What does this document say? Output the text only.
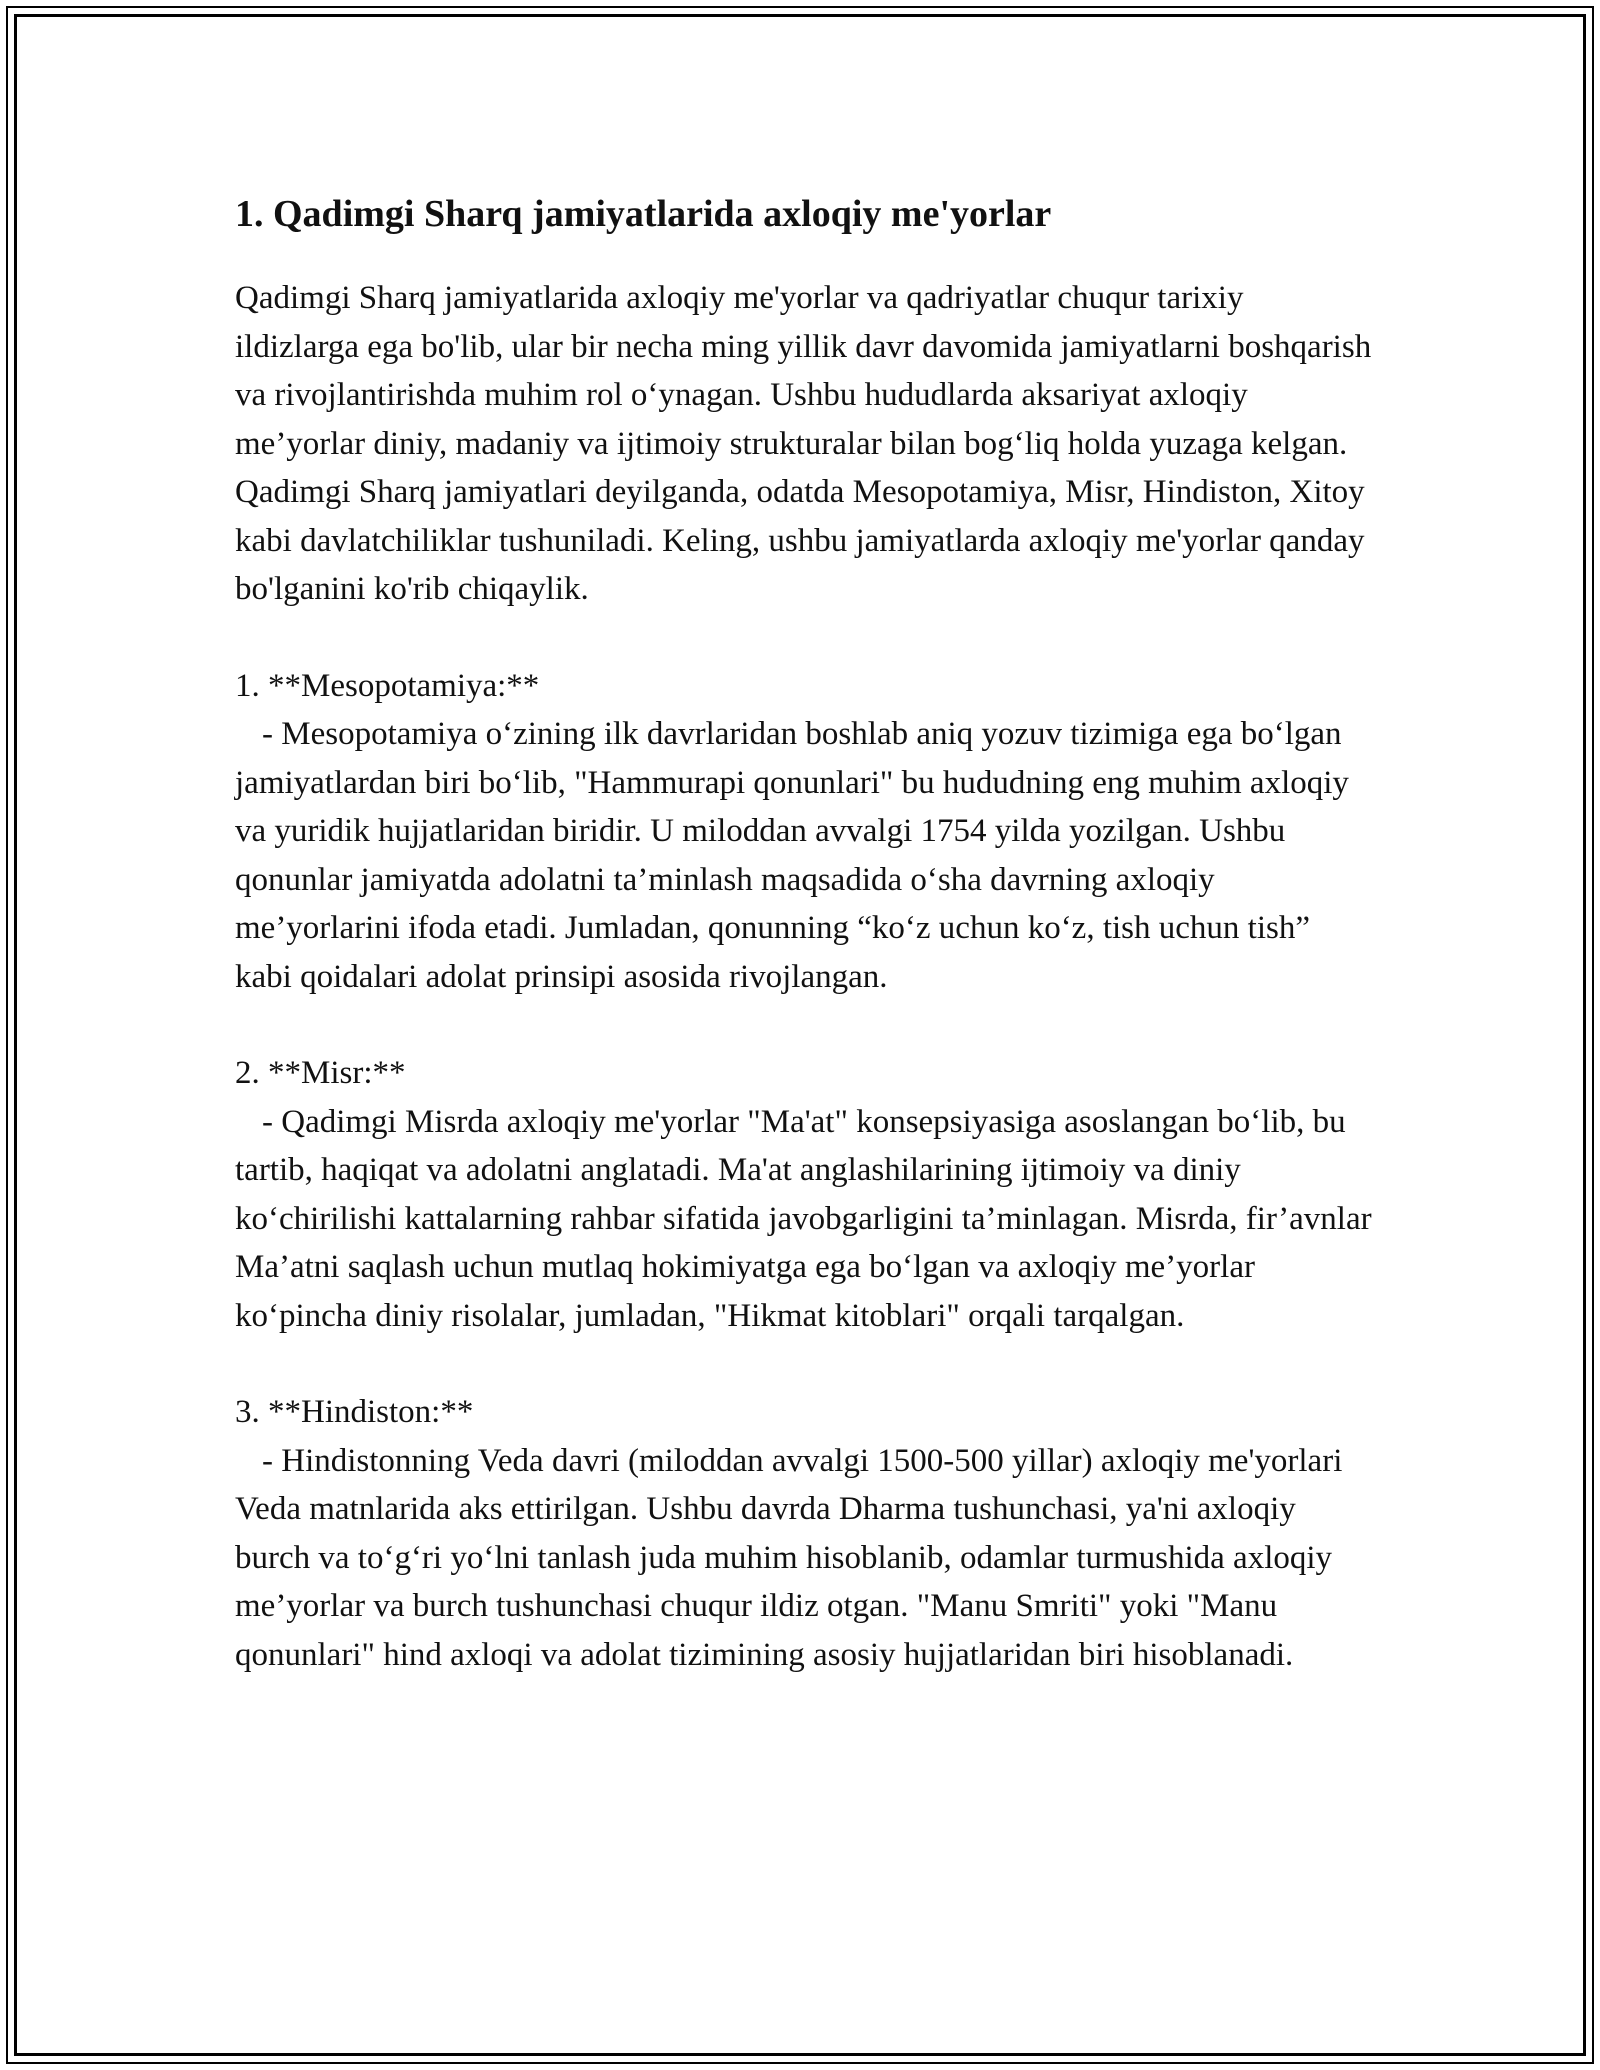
1. Qadimgi Sharq jamiyatlarida axloqiy me'yorlar

Qadimgi Sharq jamiyatlarida axloqiy me'yorlar va qadriyatlar chuqur tarixiy ildizlarga ega bo'lib, ular bir necha ming yillik davr davomida jamiyatlarni boshqarish va rivojlantirishda muhim rol o‘ynagan. Ushbu hududlarda aksariyat axloqiy me’yorlar diniy, madaniy va ijtimoiy strukturalar bilan bog‘liq holda yuzaga kelgan. Qadimgi Sharq jamiyatlari deyilganda, odatda Mesopotamiya, Misr, Hindiston, Xitoy kabi davlatchiliklar tushuniladi. Keling, ushbu jamiyatlarda axloqiy me'yorlar qanday bo'lganini ko'rib chiqaylik.

1. **Mesopotamiya:**

- Mesopotamiya o‘zining ilk davrlaridan boshlab aniq yozuv tizimiga ega bo‘lgan jamiyatlardan biri bo‘lib, "Hammurapi qonunlari" bu hududning eng muhim axloqiy va yuridik hujjatlaridan biridir. U miloddan avvalgi 1754 yilda yozilgan. Ushbu qonunlar jamiyatda adolatni ta’minlash maqsadida o‘sha davrning axloqiy me’yorlarini ifoda etadi. Jumladan, qonunning “ko‘z uchun ko‘z, tish uchun tish” kabi qoidalari adolat prinsipi asosida rivojlangan.

2. **Misr:**

- Qadimgi Misrda axloqiy me'yorlar "Ma'at" konsepsiyasiga asoslangan bo‘lib, bu tartib, haqiqat va adolatni anglatadi. Ma'at anglashilarining ijtimoiy va diniy ko‘chirilishi kattalarning rahbar sifatida javobgarligini ta’minlagan. Misrda, fir’avnlar Ma’atni saqlash uchun mutlaq hokimiyatga ega bo‘lgan va axloqiy me’yorlar ko‘pincha diniy risolalar, jumladan, "Hikmat kitoblari" orqali tarqalgan.

3. **Hindiston:**

- Hindistonning Veda davri (miloddan avvalgi 1500-500 yillar) axloqiy me'yorlari Veda matnlarida aks ettirilgan. Ushbu davrda Dharma tushunchasi, ya'ni axloqiy burch va to‘g‘ri yo‘lni tanlash juda muhim hisoblanib, odamlar turmushida axloqiy me’yorlar va burch tushunchasi chuqur ildiz otgan. "Manu Smriti" yoki "Manu qonunlari" hind axloqi va adolat tizimining asosiy hujjatlaridan biri hisoblanadi.
